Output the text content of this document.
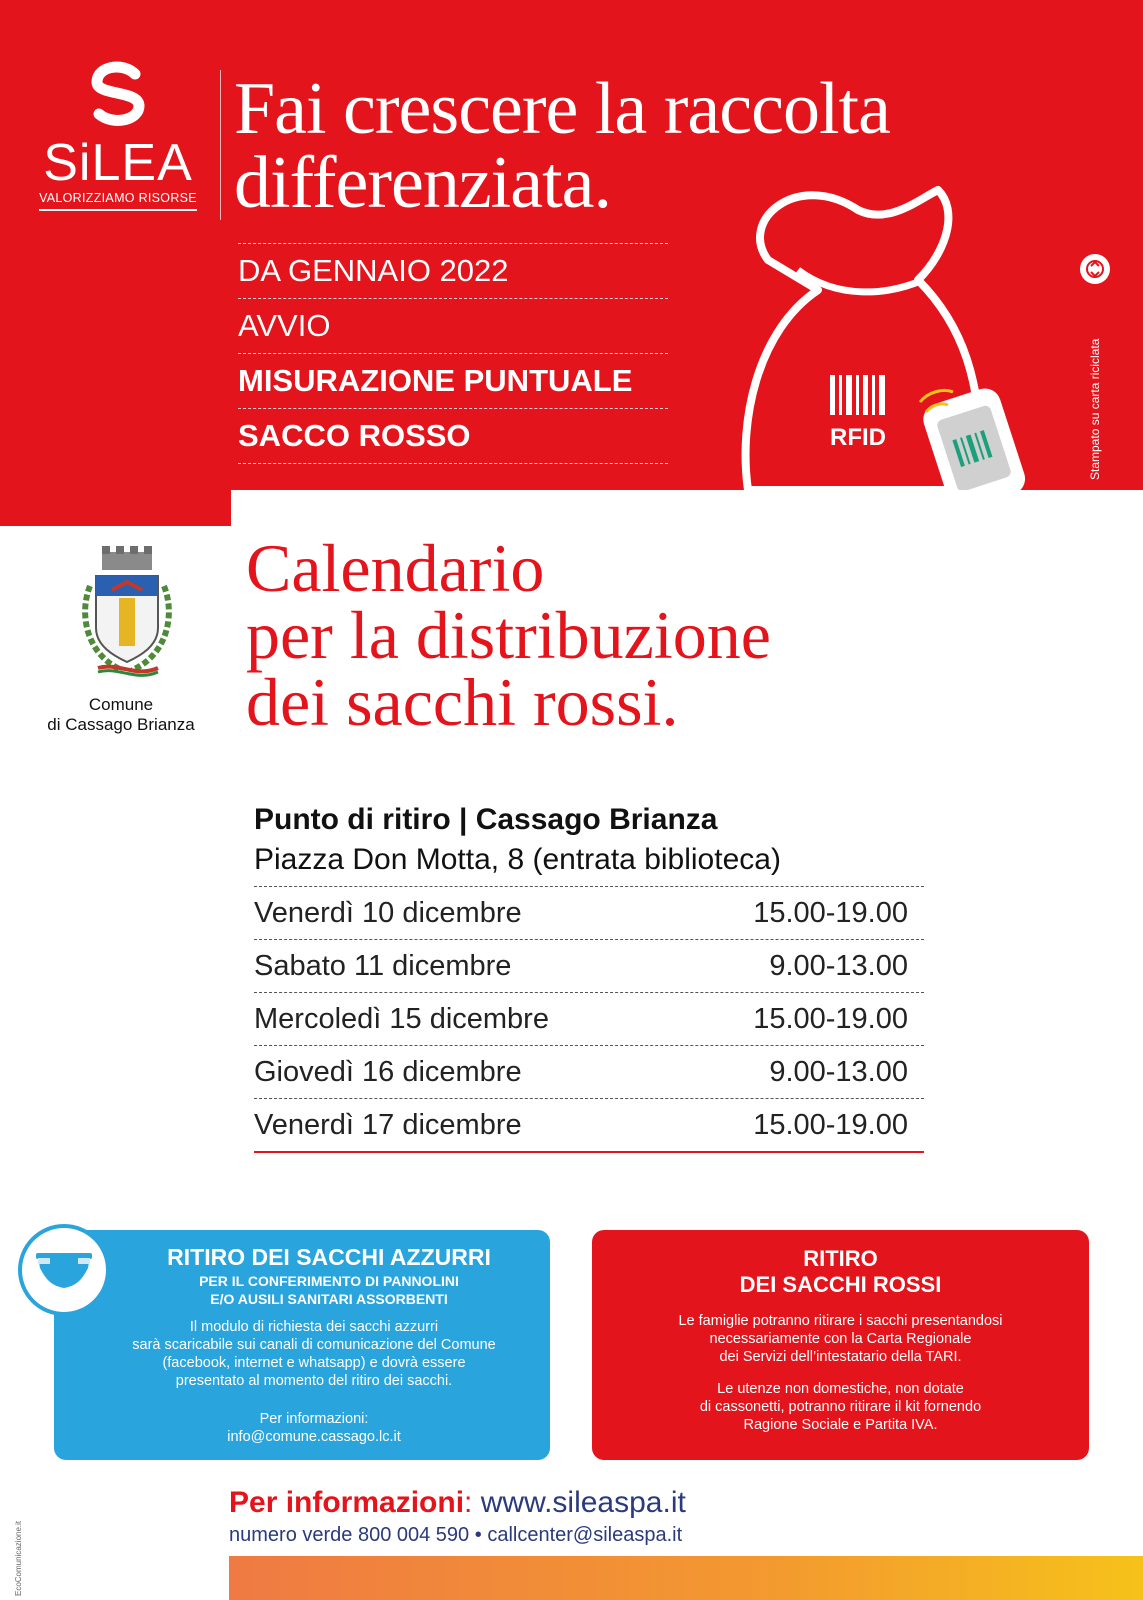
SiLEA
VALORIZZIAMO RISORSE
Fai crescere la raccolta
differenziata.
DA GENNAIO 2022
AVVIO
MISURAZIONE PUNTUALE
SACCO ROSSO	RFID	Stampato su carta riciclata
Comune
di Cassago Brianza
Calendario
per la distribuzione
dei sacchi rossi.
Punto di ritiro | Cassago Brianza
Piazza Don Motta, 8 (entrata biblioteca)
Venerdì 10 dicembre	15.00-19.00
Sabato 11 dicembre	9.00-13.00
Mercoledì 15 dicembre	15.00-19.00
Giovedì 16 dicembre	9.00-13.00
Venerdì 17 dicembre	15.00-19.00
RITIRO DEI SACCHI AZZURRI
PER IL CONFERIMENTO DI PANNOLINI
E/O AUSILI SANITARI ASSORBENTI
Il modulo di richiesta dei sacchi azzurri
sarà scaricabile sui canali di comunicazione del Comune
(facebook, internet e whatsapp) e dovrà essere
presentato al momento del ritiro dei sacchi.
Per informazioni:
info@comune.cassago.lc.it
RITIRO
DEI SACCHI ROSSI
Le famiglie potranno ritirare i sacchi presentandosi
necessariamente con la Carta Regionale
dei Servizi dell’intestatario della TARI.
Le utenze non domestiche, non dotate
di cassonetti, potranno ritirare il kit fornendo
Ragione Sociale e Partita IVA.
Per informazioni: www.sileaspa.it
numero verde 800 004 590 • callcenter@sileaspa.it
EcoComunicazione.it
